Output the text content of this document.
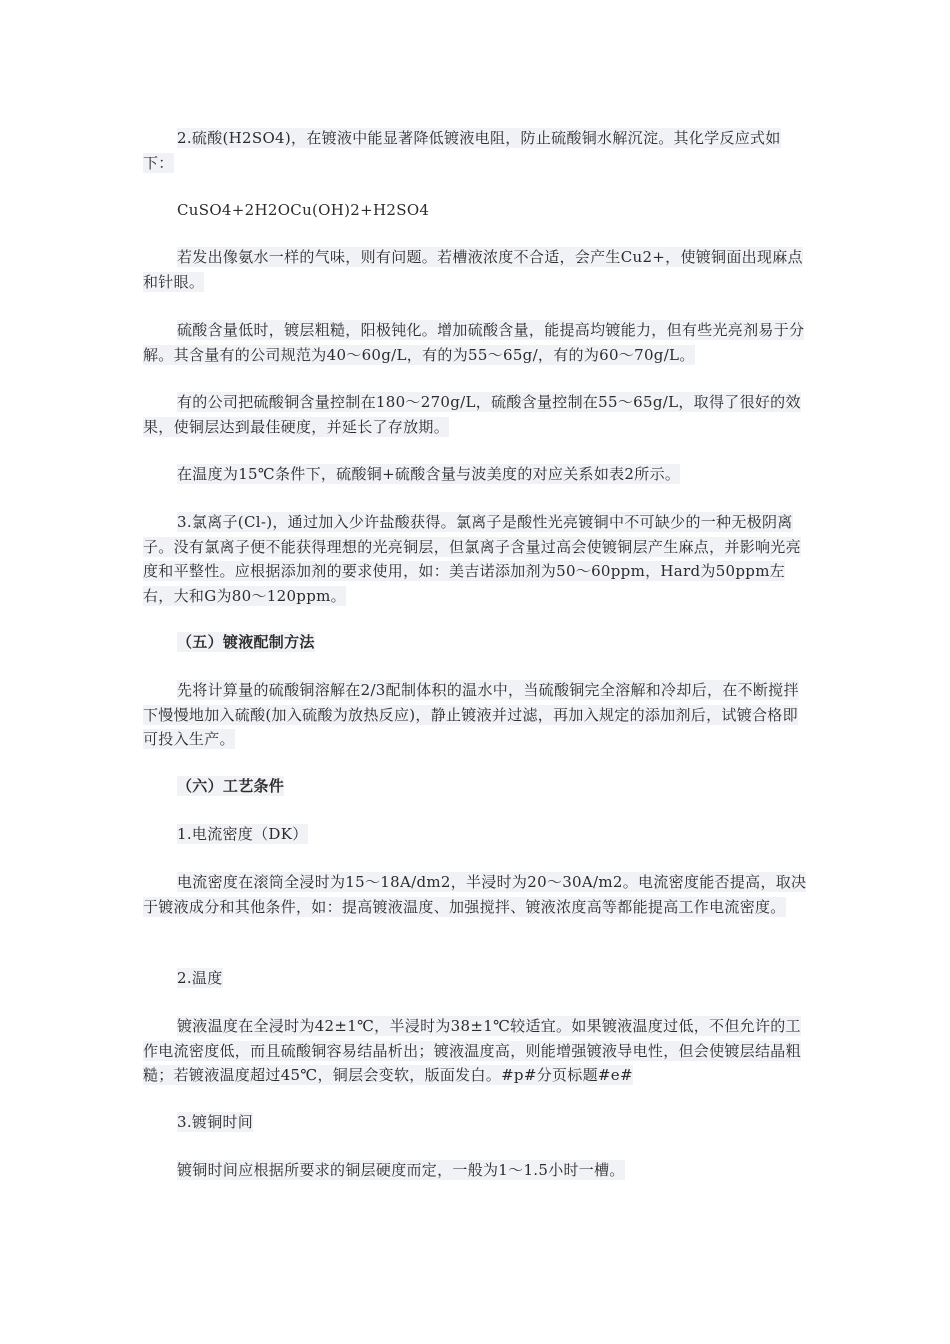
2.硫酸(H2SO4)，在镀液中能显著降低镀液电阻，防止硫酸铜水解沉淀。其化学反应式如下：
CuSO4+2H2OCu(OH)2+H2SO4
若发出像氨水一样的气味，则有问题。若槽液浓度不合适，会产生Cu2+，使镀铜面出现麻点和针眼。
硫酸含量低时，镀层粗糙，阳极钝化。增加硫酸含量，能提高均镀能力，但有些光亮剂易于分解。其含量有的公司规范为40～60g/L，有的为55～65g/，有的为60～70g/L。
有的公司把硫酸铜含量控制在180～270g/L，硫酸含量控制在55～65g/L，取得了很好的效果，使铜层达到最佳硬度，并延长了存放期。
在温度为15℃条件下，硫酸铜+硫酸含量与波美度的对应关系如表2所示。
3.氯离子(Cl-)，通过加入少许盐酸获得。氯离子是酸性光亮镀铜中不可缺少的一种无极阴离子。没有氯离子便不能获得理想的光亮铜层，但氯离子含量过高会使镀铜层产生麻点，并影响光亮度和平整性。应根据添加剂的要求使用，如：美吉诺添加剂为50～60ppm，Hard为50ppm左右，大和G为80～120ppm。
（五）镀液配制方法
先将计算量的硫酸铜溶解在2/3配制体积的温水中，当硫酸铜完全溶解和冷却后，在不断搅拌下慢慢地加入硫酸(加入硫酸为放热反应)，静止镀液并过滤，再加入规定的添加剂后，试镀合格即可投入生产。
（六）工艺条件
1.电流密度（DK）
电流密度在滚筒全浸时为15～18A/dm2，半浸时为20～30A/m2。电流密度能否提高，取决于镀液成分和其他条件，如：提高镀液温度、加强搅拌、镀液浓度高等都能提高工作电流密度。
2.温度
镀液温度在全浸时为42±1℃，半浸时为38±1℃较适宜。如果镀液温度过低，不但允许的工作电流密度低，而且硫酸铜容易结晶析出；镀液温度高，则能增强镀液导电性，但会使镀层结晶粗糙；若镀液温度超过45℃，铜层会变软，版面发白。#p#分页标题#e#
3.镀铜时间
镀铜时间应根据所要求的铜层硬度而定，一般为1～1.5小时一槽。
